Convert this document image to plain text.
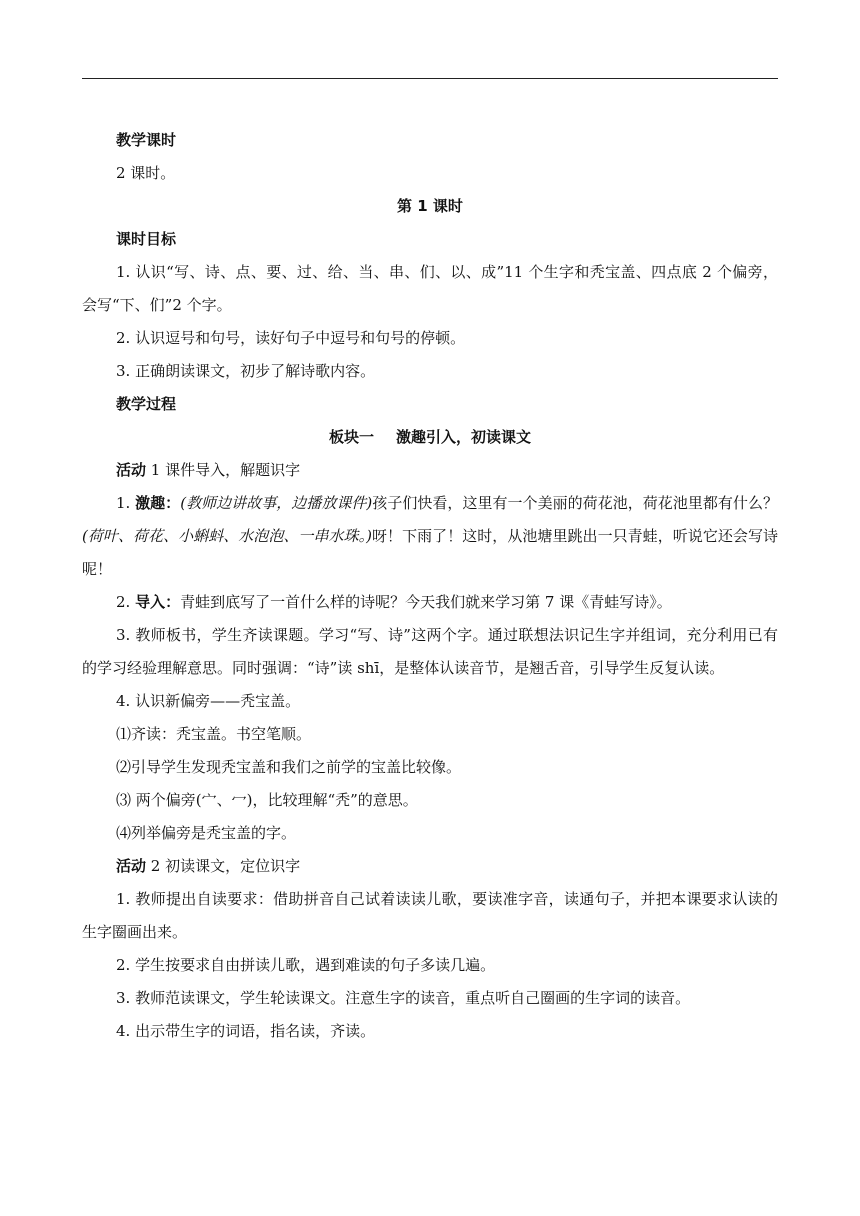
教学课时
2 课时。
第 1 课时
课时目标
1. 认识“写、诗、点、要、过、给、当、串、们、以、成”11 个生字和秃宝盖、四点底 2 个偏旁，会写“下、们”2 个字。
2. 认识逗号和句号，读好句子中逗号和句号的停顿。
3. 正确朗读课文，初步了解诗歌内容。
教学过程
板块一 激趣引入，初读课文
活动 1 课件导入，解题识字
1. 激趣：(教师边讲故事，边播放课件)孩子们快看，这里有一个美丽的荷花池，荷花池里都有什么？(荷叶、荷花、小蝌蚪、水泡泡、一串水珠。)呀！下雨了！这时，从池塘里跳出一只青蛙，听说它还会写诗呢！
2. 导入：青蛙到底写了一首什么样的诗呢？今天我们就来学习第 7 课《青蛙写诗》。
3. 教师板书，学生齐读课题。学习“写、诗”这两个字。通过联想法识记生字并组词，充分利用已有的学习经验理解意思。同时强调：“诗”读 shī，是整体认读音节，是翘舌音，引导学生反复认读。
4. 认识新偏旁——秃宝盖。
⑴齐读：秃宝盖。书空笔顺。
⑵引导学生发现秃宝盖和我们之前学的宝盖比较像。
⑶ 两个偏旁(宀、冖)，比较理解“秃”的意思。
⑷列举偏旁是秃宝盖的字。
活动 2 初读课文，定位识字
1. 教师提出自读要求：借助拼音自己试着读读儿歌，要读准字音，读通句子，并把本课要求认读的生字圈画出来。
2. 学生按要求自由拼读儿歌，遇到难读的句子多读几遍。
3. 教师范读课文，学生轮读课文。注意生字的读音，重点听自己圈画的生字词的读音。
4. 出示带生字的词语，指名读，齐读。
